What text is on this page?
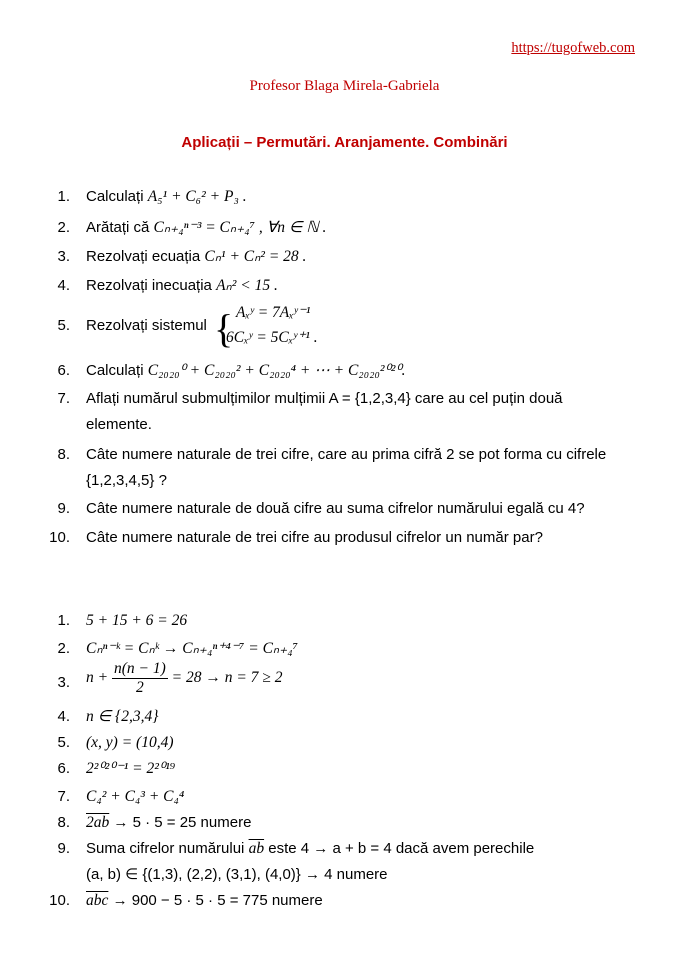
https://tugofweb.com
Profesor Blaga Mirela-Gabriela
Aplicații – Permutări. Aranjamente. Combinări
1. Calculați A₅¹ + C₆² + P₃ .
2. Arătați că Cₙ₊₄ⁿ⁻³ = Cₙ₊₄⁷ , ∀n ∈ ℕ .
3. Rezolvați ecuația Cₙ¹ + Cₙ² = 28 .
4. Rezolvați inecuația Aₙ² < 15 .
5. Rezolvați sistemul { Aₓʸ = 7Aₓʸ⁻¹
6Cₓʸ = 5Cₓʸ⁺¹ .
6. Calculați C₂₀₂₀⁰ + C₂₀₂₀² + C₂₀₂₀⁴ + ⋯ + C₂₀₂₀²⁰²⁰.
7. Aflați numărul submulțimilor mulțimii A = {1,2,3,4} care au cel puțin două
elemente.
8. Câte numere naturale de trei cifre, care au prima cifră 2 se pot forma cu cifrele
{1,2,3,4,5} ?
9. Câte numere naturale de două cifre au suma cifrelor numărului egală cu 4?
10. Câte numere naturale de trei cifre au produsul cifrelor un număr par?
1. 5 + 15 + 6 = 26
2. Cₙⁿ⁻ᵏ = Cₙᵏ → Cₙ₊₄ⁿ⁺⁴⁻⁷ = Cₙ₊₄⁷
3. $n + \frac{n(n - 1)}{2} = 28 \to n = 7 \ge 2$
4. n ∈ {2,3,4}
5. (x, y) = (10,4)
6. 2²⁰²⁰⁻¹ = 2²⁰¹⁹
7. C₄² + C₄³ + C₄⁴
8. 2ab → 5 · 5 = 25 numere
9. Suma cifrelor numărului $\overline{ab}$ este 4 → a + b = 4 dacă avem perechile
(a, b) ∈ {(1,3), (2,2), (3,1), (4,0)} → 4 numere
10. $\overline{abc} \to 900 - 5 \cdot 5 \cdot 5 = 775$ numere
